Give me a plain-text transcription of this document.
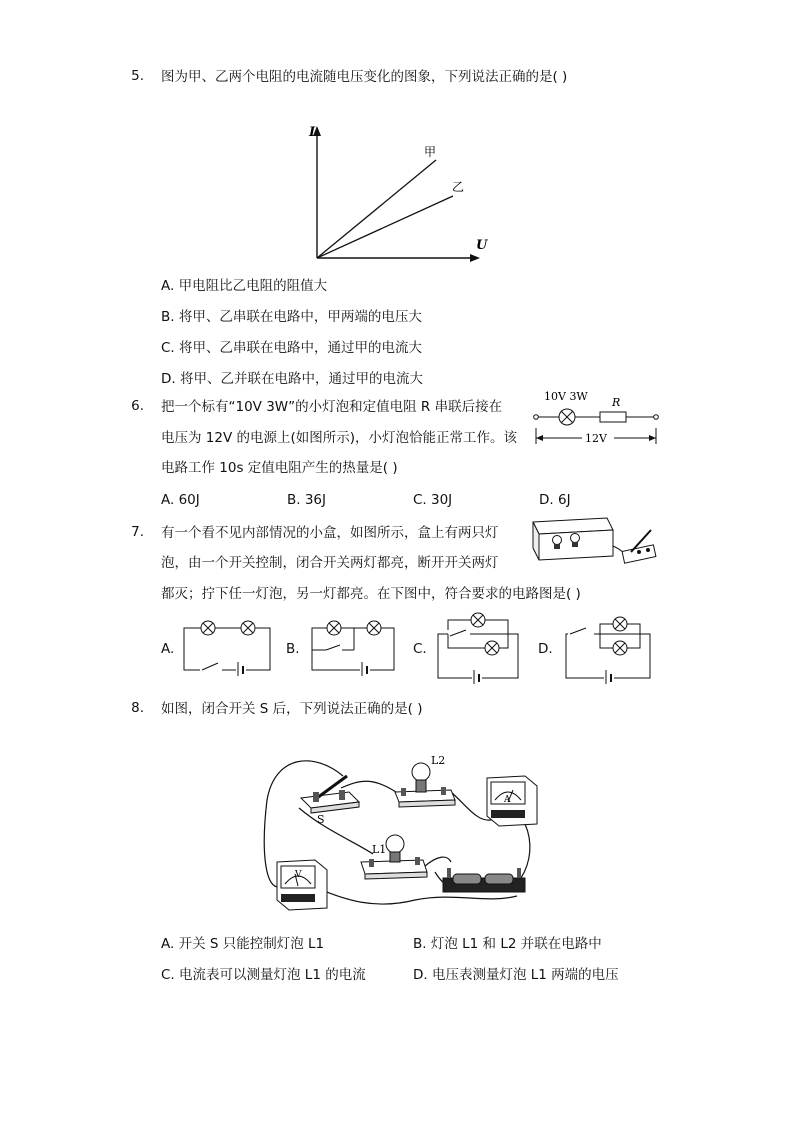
5. 图为甲、乙两个电阻的电流随电压变化的图象，下列说法正确的是( )
I
U
甲
乙
A. 甲电阻比乙电阻的阻值大
B. 将甲、乙串联在电路中，甲两端的电压大
C. 将甲、乙串联在电路中，通过甲的电流大
D. 将甲、乙并联在电路中，通过甲的电流大
6. 把一个标有“10V 3W”的小灯泡和定值电阻 R 串联后接在
电压为 12V 的电源上(如图所示)，小灯泡恰能正常工作。该
电路工作 10s 定值电阻产生的热量是( )
10V 3W R
12V
A. 60J	B. 36J	C. 30J	D. 6J
7. 有一个看不见内部情况的小盒，如图所示，盒上有两只灯
泡，由一个开关控制，闭合开关两灯都亮，断开开关两灯
都灭；拧下任一灯泡，另一灯都亮。在下图中，符合要求的电路图是( )
A.	B.	C.	D.
8. 如图，闭合开关 S 后，下列说法正确的是( )
S
L2
A
L1
V
A. 开关 S 只能控制灯泡 L1	B. 灯泡 L1 和 L2 并联在电路中
C. 电流表可以测量灯泡 L1 的电流	D. 电压表测量灯泡 L1 两端的电压
